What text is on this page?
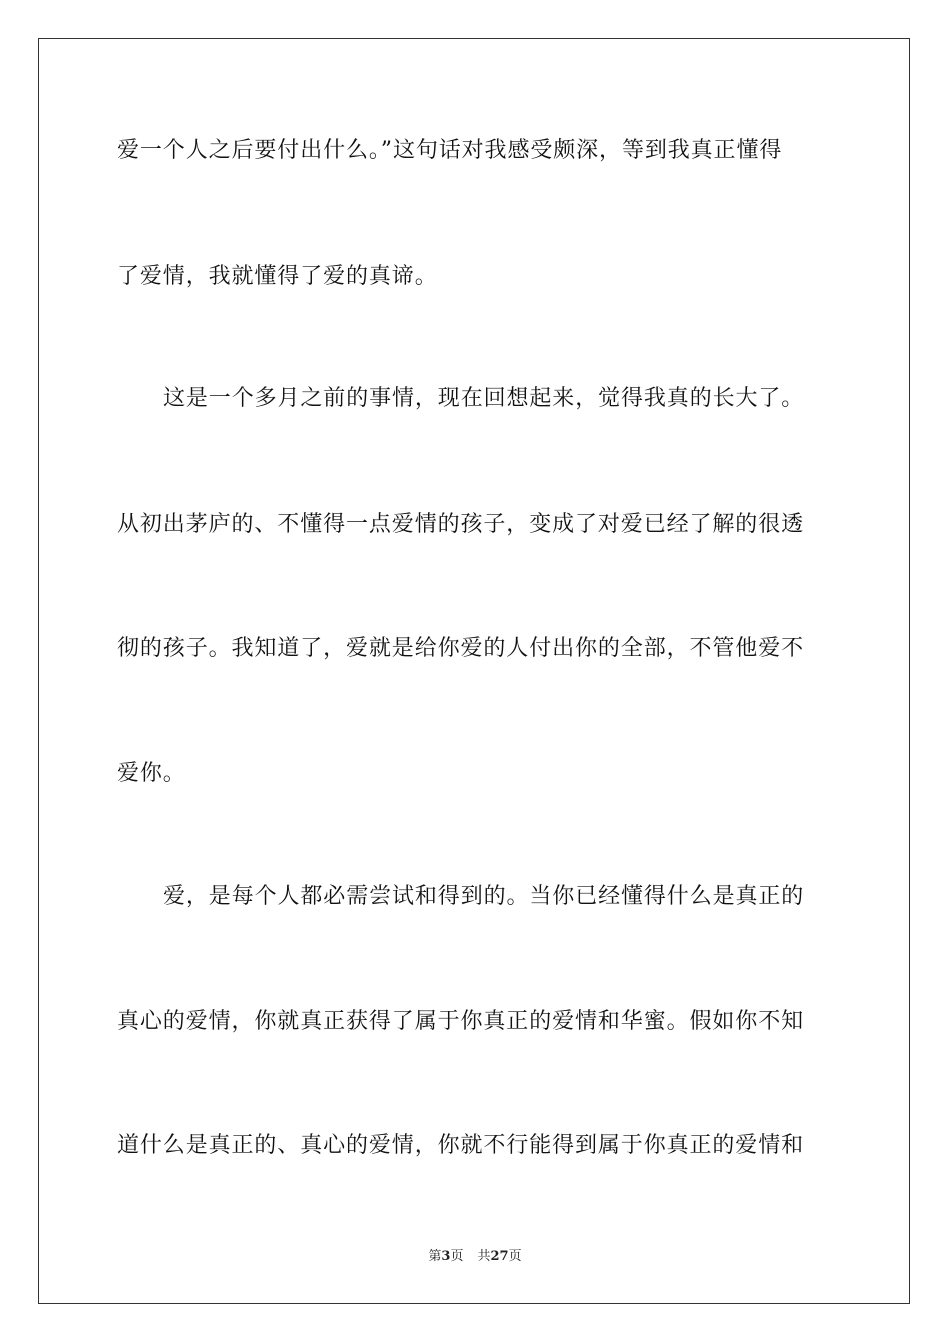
爱一个人之后要付出什么。”这句话对我感受颇深，等到我真正懂得
了爱情，我就懂得了爱的真谛。
这是一个多月之前的事情，现在回想起来，觉得我真的长大了。
从初出茅庐的、不懂得一点爱情的孩子，变成了对爱已经了解的很透
彻的孩子。我知道了，爱就是给你爱的人付出你的全部，不管他爱不
爱你。
爱，是每个人都必需尝试和得到的。当你已经懂得什么是真正的
真心的爱情，你就真正获得了属于你真正的爱情和华蜜。假如你不知
道什么是真正的、真心的爱情，你就不行能得到属于你真正的爱情和
第3页 共27页
